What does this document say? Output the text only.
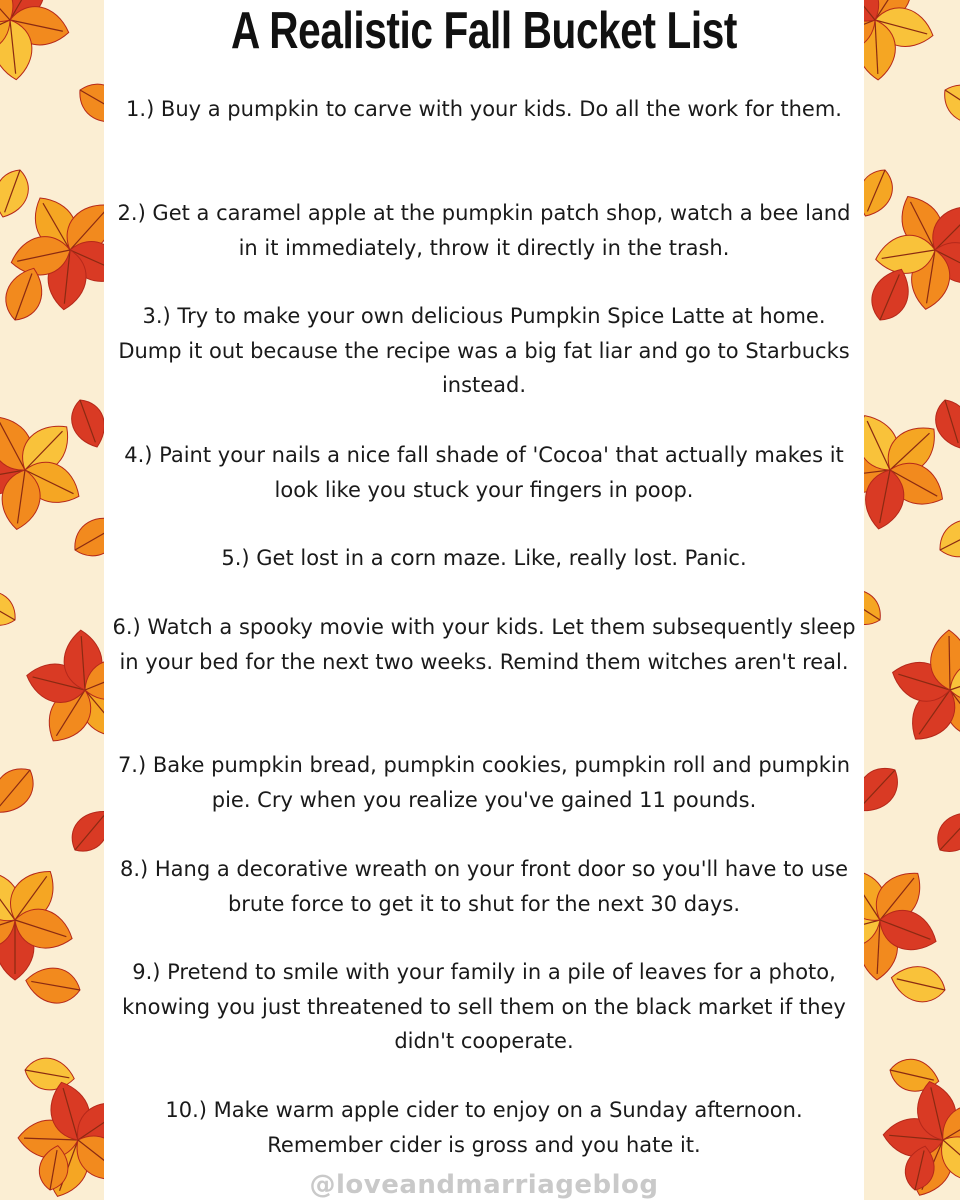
A Realistic Fall Bucket List

1.) Buy a pumpkin to carve with your kids. Do all the work for them.

2.) Get a caramel apple at the pumpkin patch shop, watch a bee land in it immediately, throw it directly in the trash.

3.) Try to make your own delicious Pumpkin Spice Latte at home. Dump it out because the recipe was a big fat liar and go to Starbucks instead.

4.) Paint your nails a nice fall shade of 'Cocoa' that actually makes it look like you stuck your fingers in poop.

5.) Get lost in a corn maze. Like, really lost. Panic.

6.) Watch a spooky movie with your kids. Let them subsequently sleep in your bed for the next two weeks. Remind them witches aren't real.

7.) Bake pumpkin bread, pumpkin cookies, pumpkin roll and pumpkin pie. Cry when you realize you've gained 11 pounds.

8.) Hang a decorative wreath on your front door so you'll have to use brute force to get it to shut for the next 30 days.

9.) Pretend to smile with your family in a pile of leaves for a photo, knowing you just threatened to sell them on the black market if they didn't cooperate.

10.) Make warm apple cider to enjoy on a Sunday afternoon. Remember cider is gross and you hate it.

@loveandmarriageblog
